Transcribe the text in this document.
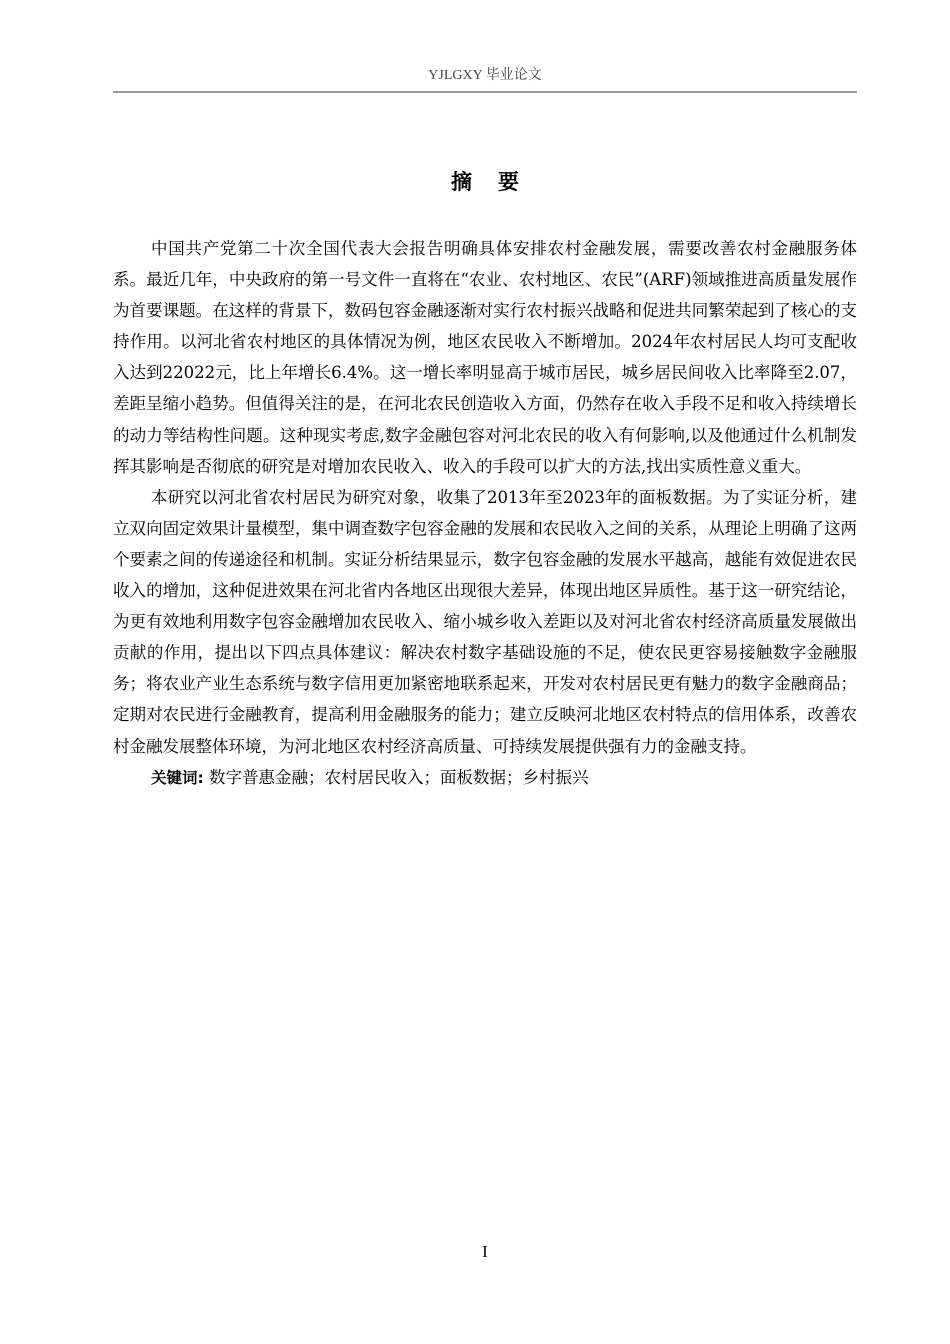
YJLGXY 毕业论文
摘 要

中国共产党第二十次全国代表大会报告明确具体安排农村金融发展，需要改善农村金融服务体系。最近几年，中央政府的第一号文件一直将在“农业、农村地区、农民”(ARF)领域推进高质量发展作为首要课题。在这样的背景下，数码包容金融逐渐对实行农村振兴战略和促进共同繁荣起到了核心的支持作用。以河北省农村地区的具体情况为例，地区农民收入不断增加。2024年农村居民人均可支配收入达到22022元，比上年增长6.4%。这一增长率明显高于城市居民，城乡居民间收入比率降至2.07，差距呈缩小趋势。但值得关注的是，在河北农民创造收入方面，仍然存在收入手段不足和收入持续增长的动力等结构性问题。这种现实考虑,数字金融包容对河北农民的收入有何影响,以及他通过什么机制发挥其影响是否彻底的研究是对增加农民收入、收入的手段可以扩大的方法,找出实质性意义重大。

本研究以河北省农村居民为研究对象，收集了2013年至2023年的面板数据。为了实证分析，建立双向固定效果计量模型，集中调查数字包容金融的发展和农民收入之间的关系，从理论上明确了这两个要素之间的传递途径和机制。实证分析结果显示，数字包容金融的发展水平越高，越能有效促进农民收入的增加，这种促进效果在河北省内各地区出现很大差异，体现出地区异质性。基于这一研究结论，为更有效地利用数字包容金融增加农民收入、缩小城乡收入差距以及对河北省农村经济高质量发展做出贡献的作用，提出以下四点具体建议：解决农村数字基础设施的不足，使农民更容易接触数字金融服务；将农业产业生态系统与数字信用更加紧密地联系起来，开发对农村居民更有魅力的数字金融商品；定期对农民进行金融教育，提高利用金融服务的能力；建立反映河北地区农村特点的信用体系，改善农村金融发展整体环境，为河北地区农村经济高质量、可持续发展提供强有力的金融支持。

关键词: 数字普惠金融；农村居民收入；面板数据；乡村振兴

I
